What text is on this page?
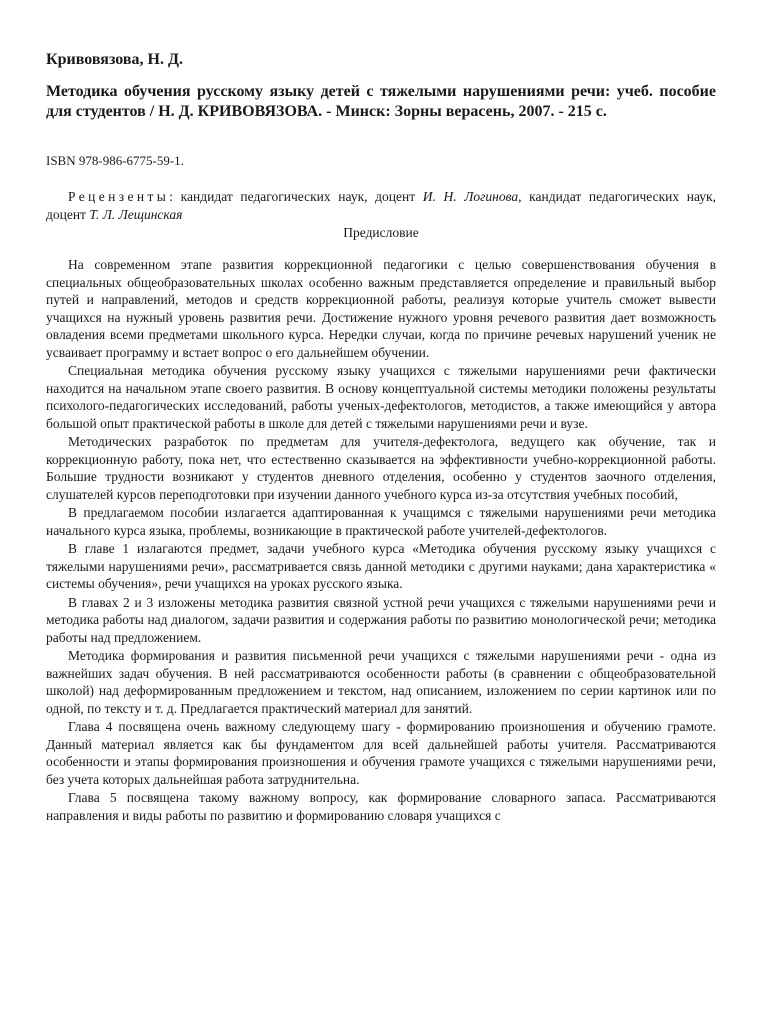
Кривовязова, Н. Д.
Методика обучения русскому языку детей с тяжелыми нарушениями речи: учеб. пособие для студентов / Н. Д. КРИВОВЯЗОВА. - Минск: Зорны верасень, 2007. - 215 с.
ISBN 978-986-6775-59-1.

Рецензенты: кандидат педагогических наук, доцент И. Н. Логинова, кандидат педагогических наук, доцент Т. Л. Лещинская

Предисловие

На современном этапе развития коррекционной педагогики с целью совершенствования обучения в специальных общеобразовательных школах особенно важным представляется определение и правильный выбор путей и направлений, методов и средств коррекционной работы, реализуя которые учитель сможет вывести учащихся на нужный уровень развития речи. Достижение нужного уровня речевого развития дает возможность овладения всеми предметами школьного курса. Нередки случаи, когда по причине речевых нарушений ученик не усваивает программу и встает вопрос о его дальнейшем обучении.

Специальная методика обучения русскому языку учащихся с тяжелыми нарушениями речи фактически находится на начальном этапе своего развития. В основу концептуальной системы методики положены результаты психолого-педагогических исследований, работы ученых-дефектологов, методистов, а также имеющийся у автора большой опыт практической работы в школе для детей с тяжелыми нарушениями речи и вузе.

Методических разработок по предметам для учителя-дефектолога, ведущего как обучение, так и коррекционную работу, пока нет, что естественно сказывается на эффективности учебно-коррекционной работы. Большие трудности возникают у студентов дневного отделения, особенно у студентов заочного отделения, слушателей курсов переподготовки при изучении данного учебного курса из-за отсутствия учебных пособий,

В предлагаемом пособии излагается адаптированная к учащимся с тяжелыми нарушениями речи методика начального курса языка, проблемы, возникающие в практической работе учителей-дефектологов.

В главе 1 излагаются предмет, задачи учебного курса «Методика обучения русскому языку учащихся с тяжелыми нарушениями речи», рассматривается связь данной методики с другими науками; дана характеристика « системы обучения», речи учащихся на уроках русского языка.

В главах 2 и 3 изложены методика развития связной устной речи учащихся с тяжелыми нарушениями речи и методика работы над диалогом, задачи развития и содержания работы по развитию монологической речи; методика работы над предложением.

Методика формирования и развития письменной речи учащихся с тяжелыми нарушениями речи - одна из важнейших задач обучения. В ней рассматриваются особенности работы (в сравнении с общеобразовательной школой) над деформированным предложением и текстом, над описанием, изложением по серии картинок или по одной, по тексту и т. д. Предлагается практический материал для занятий.

Глава 4 посвящена очень важному следующему шагу - формированию произношения и обучению грамоте. Данный материал является как бы фундаментом для всей дальнейшей работы учителя. Рассматриваются особенности и этапы формирования произношения и обучения грамоте учащихся с тяжелыми нарушениями речи, без учета которых дальнейшая работа затруднительна.

Глава 5 посвящена такому важному вопросу, как формирование словарного запаса. Рассматриваются направления и виды работы по развитию и формированию словаря учащихся с
